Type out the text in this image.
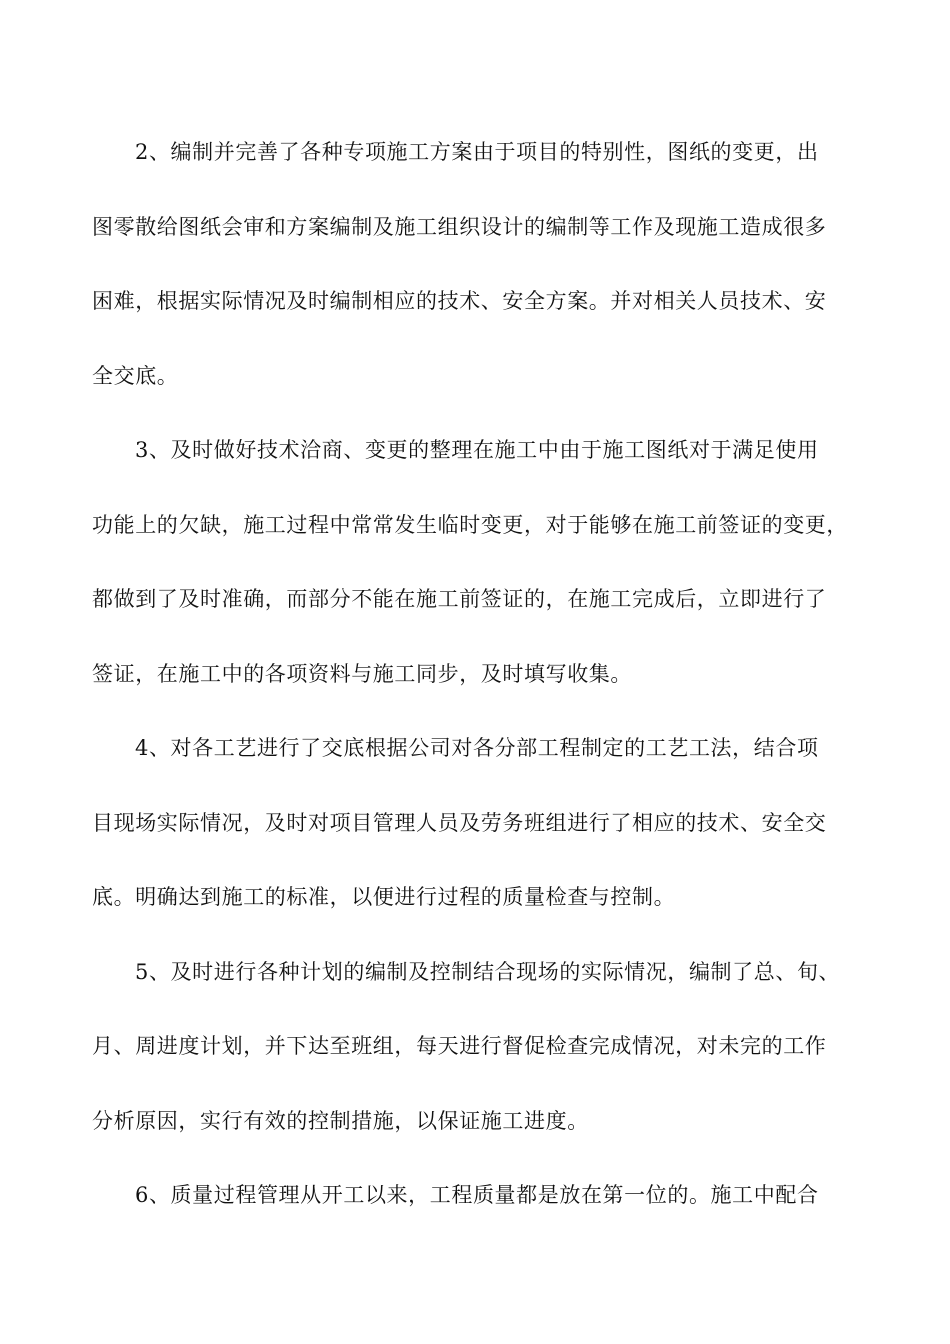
2、编制并完善了各种专项施工方案由于项目的特别性，图纸的变更，出

图零散给图纸会审和方案编制及施工组织设计的编制等工作及现施工造成很多

困难，根据实际情况及时编制相应的技术、安全方案。并对相关人员技术、安

全交底。

3、及时做好技术洽商、变更的整理在施工中由于施工图纸对于满足使用

功能上的欠缺，施工过程中常常发生临时变更，对于能够在施工前签证的变更，

都做到了及时准确，而部分不能在施工前签证的，在施工完成后，立即进行了

签证，在施工中的各项资料与施工同步，及时填写收集。

4、对各工艺进行了交底根据公司对各分部工程制定的工艺工法，结合项

目现场实际情况，及时对项目管理人员及劳务班组进行了相应的技术、安全交

底。明确达到施工的标准，以便进行过程的质量检查与控制。

5、及时进行各种计划的编制及控制结合现场的实际情况，编制了总、旬、

月、周进度计划，并下达至班组，每天进行督促检查完成情况，对未完的工作

分析原因，实行有效的控制措施，以保证施工进度。

6、质量过程管理从开工以来，工程质量都是放在第一位的。施工中配合
